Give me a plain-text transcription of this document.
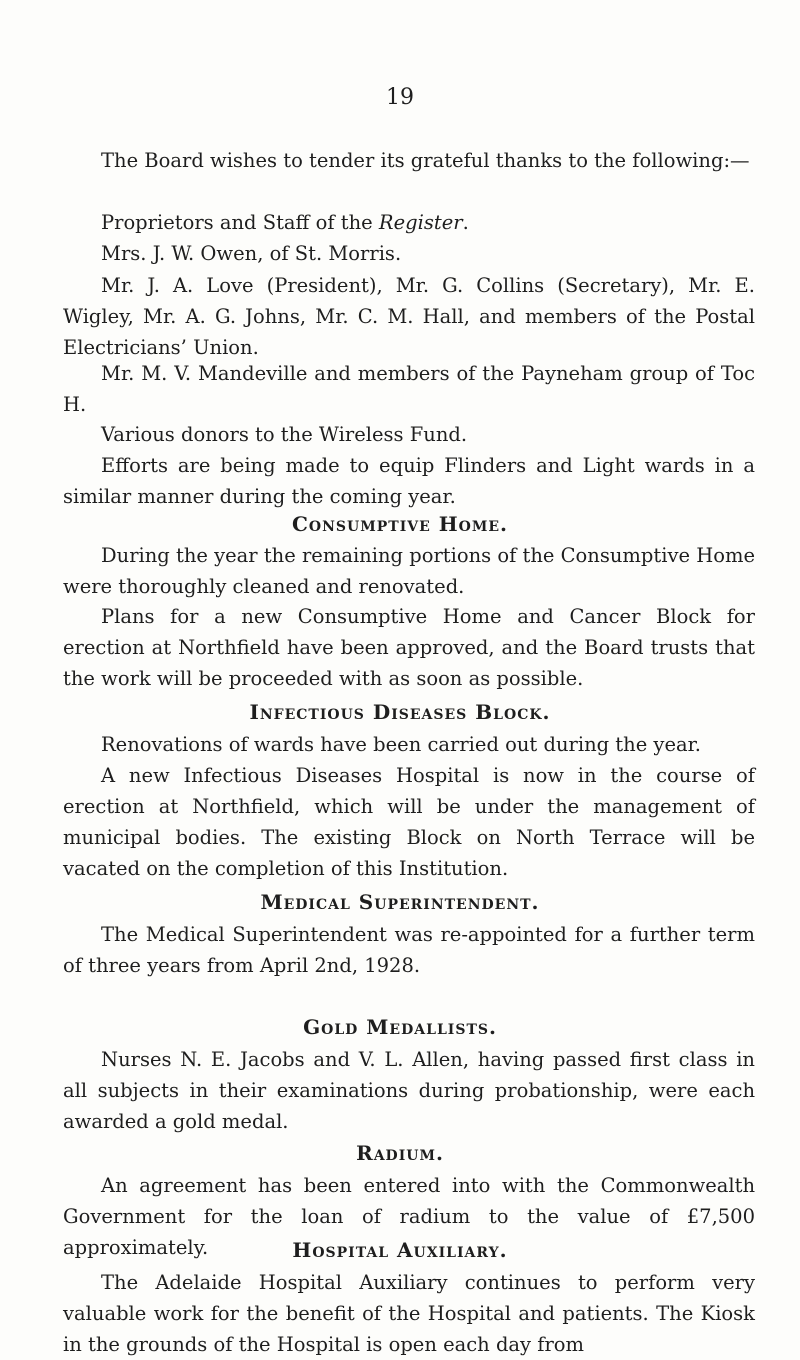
19

The Board wishes to tender its grateful thanks to the following:—

Proprietors and Staff of the Register.

Mrs. J. W. Owen, of St. Morris.

Mr. J. A. Love (President), Mr. G. Collins (Secretary), Mr. E. Wigley, Mr. A. G. Johns, Mr. C. M. Hall, and members of the Postal Electricians’ Union.

Mr. M. V. Mandeville and members of the Payneham group of Toc H.

Various donors to the Wireless Fund.

Efforts are being made to equip Flinders and Light wards in a similar manner during the coming year.

Consumptive Home.

During the year the remaining portions of the Consumptive Home were thoroughly cleaned and renovated.

Plans for a new Consumptive Home and Cancer Block for erection at Northfield have been approved, and the Board trusts that the work will be proceeded with as soon as possible.

Infectious Diseases Block.

Renovations of wards have been carried out during the year.

A new Infectious Diseases Hospital is now in the course of erection at Northfield, which will be under the management of municipal bodies. The existing Block on North Terrace will be vacated on the completion of this Institution.

Medical Superintendent.

The Medical Superintendent was re-appointed for a further term of three years from April 2nd, 1928.

Gold Medallists.

Nurses N. E. Jacobs and V. L. Allen, having passed first class in all subjects in their examinations during probationship, were each awarded a gold medal.

Radium.

An agreement has been entered into with the Commonwealth Government for the loan of radium to the value of £7,500 approximately.	Hospital Auxiliary.

The Adelaide Hospital Auxiliary continues to perform very valuable work for the benefit of the Hospital and patients. The Kiosk in the grounds of the Hospital is open each day from
